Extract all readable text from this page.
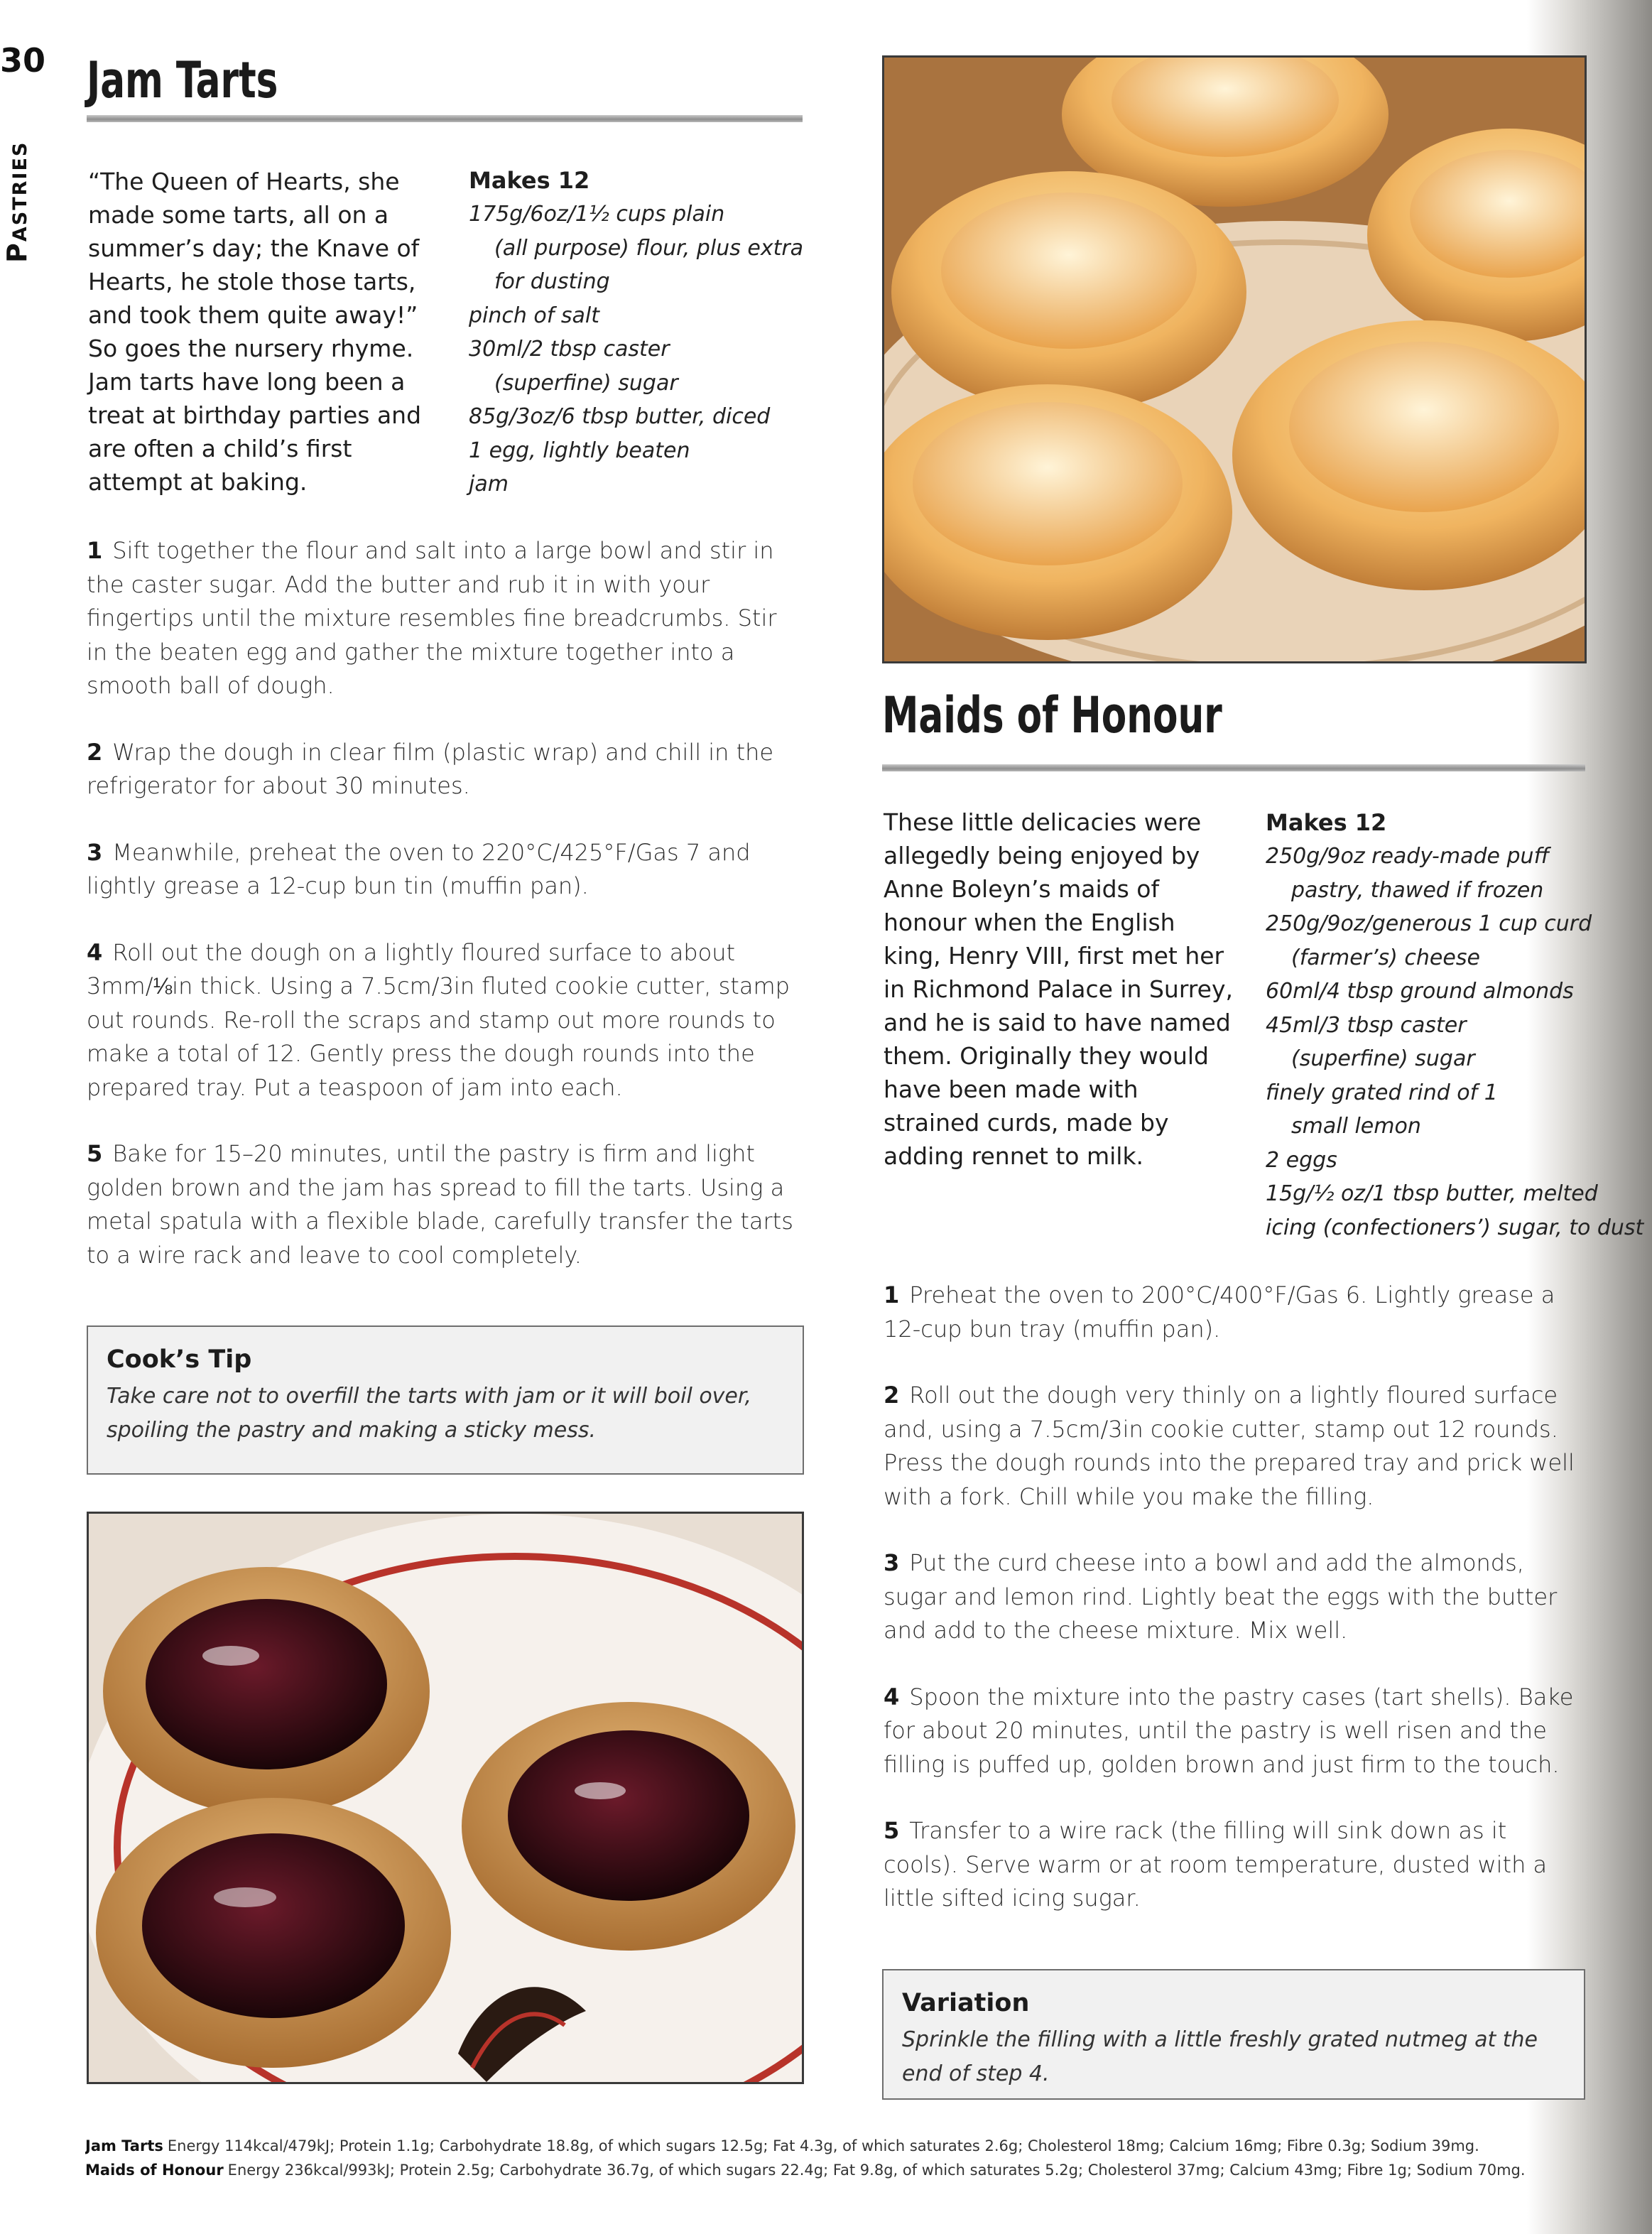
30
Pastries
Jam Tarts

“The Queen of Hearts, she made some tarts, all on a summer’s day; the Knave of Hearts, he stole those tarts, and took them quite away!” So goes the nursery rhyme. Jam tarts have long been a treat at birthday parties and are often a child’s first attempt at baking.

Makes 12
175g/6oz/1½ cups plain
(all purpose) flour, plus extra
for dusting
pinch of salt
30ml/2 tbsp caster
(superfine) sugar
85g/3oz/6 tbsp butter, diced
1 egg, lightly beaten
jam
1 Sift together the flour and salt into a large bowl and stir in the caster sugar. Add the butter and rub it in with your fingertips until the mixture resembles fine breadcrumbs. Stir in the beaten egg and gather the mixture together into a smooth ball of dough.
2 Wrap the dough in clear film (plastic wrap) and chill in the refrigerator for about 30 minutes.
3 Meanwhile, preheat the oven to 220°C/425°F/Gas 7 and lightly grease a 12-cup bun tin (muffin pan).
4 Roll out the dough on a lightly floured surface to about 3mm/⅛in thick. Using a 7.5cm/3in fluted cookie cutter, stamp out rounds. Re-roll the scraps and stamp out more rounds to make a total of 12. Gently press the dough rounds into the prepared tray. Put a teaspoon of jam into each.
5 Bake for 15–20 minutes, until the pastry is firm and light golden brown and the jam has spread to fill the tarts. Using a metal spatula with a flexible blade, carefully transfer the tarts to a wire rack and leave to cool completely.
Cook’s Tip
Take care not to overfill the tarts with jam or it will boil over, spoiling the pastry and making a sticky mess.
Maids of Honour

These little delicacies were allegedly being enjoyed by Anne Boleyn’s maids of honour when the English king, Henry VIII, first met her in Richmond Palace in Surrey, and he is said to have named them. Originally they would have been made with strained curds, made by adding rennet to milk.

Makes 12
250g/9oz ready-made puff
pastry, thawed if frozen
250g/9oz/generous 1 cup curd
(farmer’s) cheese
60ml/4 tbsp ground almonds
45ml/3 tbsp caster
(superfine) sugar
finely grated rind of 1
small lemon
2 eggs
15g/½ oz/1 tbsp butter, melted
icing (confectioners’) sugar, to dust
1 Preheat the oven to 200°C/400°F/Gas 6. Lightly grease a 12-cup bun tray (muffin pan).
2 Roll out the dough very thinly on a lightly floured surface and, using a 7.5cm/3in cookie cutter, stamp out 12 rounds. Press the dough rounds into the prepared tray and prick well with a fork. Chill while you make the filling.
3 Put the curd cheese into a bowl and add the almonds, sugar and lemon rind. Lightly beat the eggs with the butter and add to the cheese mixture. Mix well.
4 Spoon the mixture into the pastry cases (tart shells). Bake for about 20 minutes, until the pastry is well risen and the filling is puffed up, golden brown and just firm to the touch.
5 Transfer to a wire rack (the filling will sink down as it cools). Serve warm or at room temperature, dusted with a little sifted icing sugar.
Variation
Sprinkle the filling with a little freshly grated nutmeg at the end of step 4.
Jam Tarts Energy 114kcal/479kJ; Protein 1.1g; Carbohydrate 18.8g, of which sugars 12.5g; Fat 4.3g, of which saturates 2.6g; Cholesterol 18mg; Calcium 16mg; Fibre 0.3g; Sodium 39mg.
Maids of Honour Energy 236kcal/993kJ; Protein 2.5g; Carbohydrate 36.7g, of which sugars 22.4g; Fat 9.8g, of which saturates 5.2g; Cholesterol 37mg; Calcium 43mg; Fibre 1g; Sodium 70mg.
